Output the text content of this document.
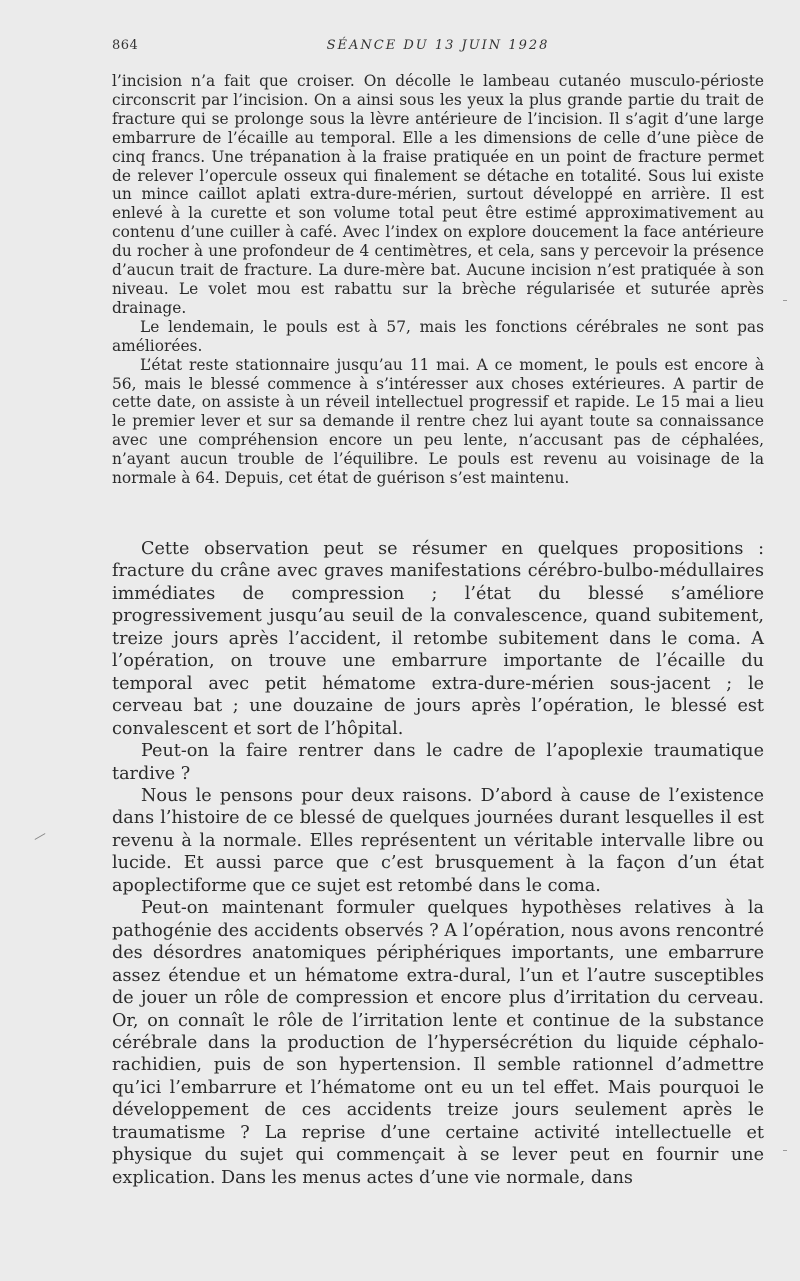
864	SÉANCE DU 13 JUIN 1928

l’incision n’a fait que croiser. On décolle le lambeau cutanéo musculo-périoste circonscrit par l’incision. On a ainsi sous les yeux la plus grande partie du trait de fracture qui se prolonge sous la lèvre antérieure de l’incision. Il s’agit d’une large embarrure de l’écaille au temporal. Elle a les dimensions de celle d’une pièce de cinq francs. Une trépanation à la fraise pratiquée en un point de fracture permet de relever l’opercule osseux qui finalement se détache en totalité. Sous lui existe un mince caillot aplati extra-dure-mérien, surtout développé en arrière. Il est enlevé à la curette et son volume total peut être estimé approximativement au contenu d’une cuiller à café. Avec l’index on explore doucement la face antérieure du rocher à une profondeur de 4 centimètres, et cela, sans y percevoir la présence d’aucun trait de fracture. La dure-mère bat. Aucune incision n’est pratiquée à son niveau. Le volet mou est rabattu sur la brèche régularisée et suturée après drainage.

Le lendemain, le pouls est à 57, mais les fonctions cérébrales ne sont pas améliorées.

L’état reste stationnaire jusqu’au 11 mai. A ce moment, le pouls est encore à 56, mais le blessé commence à s’intéresser aux choses extérieures. A partir de cette date, on assiste à un réveil intellectuel progressif et rapide. Le 15 mai a lieu le premier lever et sur sa demande il rentre chez lui ayant toute sa connaissance avec une compréhension encore un peu lente, n’accusant pas de céphalées, n’ayant aucun trouble de l’équilibre. Le pouls est revenu au voisinage de la normale à 64. Depuis, cet état de guérison s’est maintenu.

Cette observation peut se résumer en quelques propositions : fracture du crâne avec graves manifestations cérébro-bulbo-médullaires immédiates de compression ; l’état du blessé s’améliore progressivement jusqu’au seuil de la convalescence, quand subitement, treize jours après l’accident, il retombe subitement dans le coma. A l’opération, on trouve une embarrure importante de l’écaille du temporal avec petit hématome extra-dure-mérien sous-jacent ; le cerveau bat ; une douzaine de jours après l’opération, le blessé est convalescent et sort de l’hôpital.

Peut-on la faire rentrer dans le cadre de l’apoplexie traumatique tardive ?

Nous le pensons pour deux raisons. D’abord à cause de l’existence dans l’histoire de ce blessé de quelques journées durant lesquelles il est revenu à la normale. Elles représentent un véritable intervalle libre ou lucide. Et aussi parce que c’est brusquement à la façon d’un état apoplectiforme que ce sujet est retombé dans le coma.

Peut-on maintenant formuler quelques hypothèses relatives à la pathogénie des accidents observés ? A l’opération, nous avons rencontré des désordres anatomiques périphériques importants, une embarrure assez étendue et un hématome extra-dural, l’un et l’autre susceptibles de jouer un rôle de compression et encore plus d’irritation du cerveau. Or, on connaît le rôle de l’irritation lente et continue de la substance cérébrale dans la production de l’hypersécrétion du liquide céphalo-rachidien, puis de son hypertension. Il semble rationnel d’admettre qu’ici l’embarrure et l’hématome ont eu un tel effet. Mais pourquoi le développement de ces accidents treize jours seulement après le traumatisme ? La reprise d’une certaine activité intellectuelle et physique du sujet qui commençait à se lever peut en fournir une explication. Dans les menus actes d’une vie normale, dans
